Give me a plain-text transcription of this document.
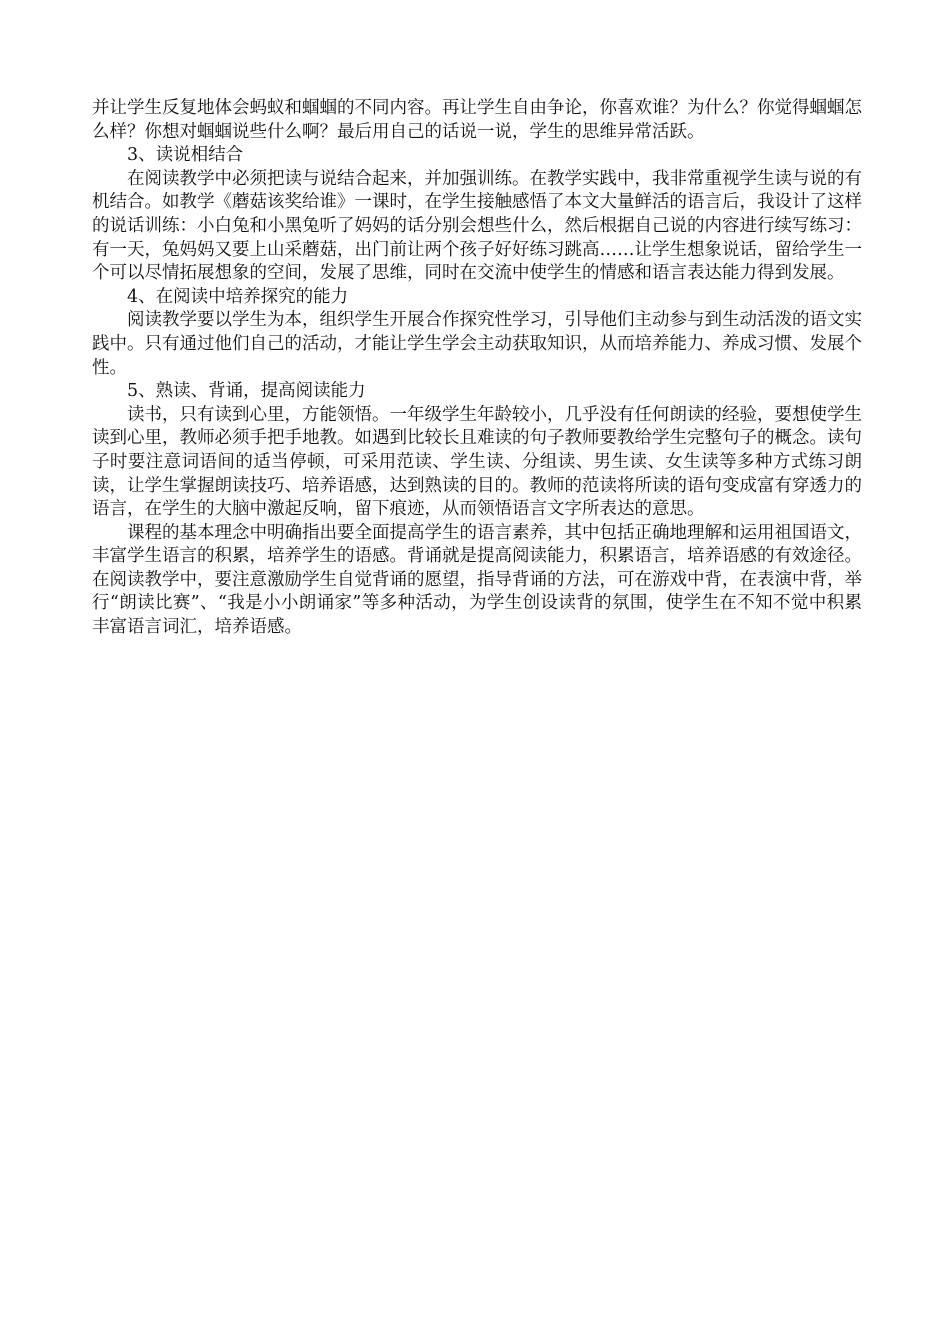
并让学生反复地体会蚂蚁和蝈蝈的不同内容。再让学生自由争论，你喜欢谁？为什么？你觉得蝈蝈怎么样？你想对蝈蝈说些什么啊？最后用自己的话说一说，学生的思维异常活跃。

3、读说相结合

在阅读教学中必须把读与说结合起来，并加强训练。在教学实践中，我非常重视学生读与说的有机结合。如教学《蘑菇该奖给谁》一课时，在学生接触感悟了本文大量鲜活的语言后，我设计了这样的说话训练：小白兔和小黑兔听了妈妈的话分别会想些什么，然后根据自己说的内容进行续写练习：有一天，兔妈妈又要上山采蘑菇，出门前让两个孩子好好练习跳高……让学生想象说话，留给学生一个可以尽情拓展想象的空间，发展了思维，同时在交流中使学生的情感和语言表达能力得到发展。

4、在阅读中培养探究的能力

阅读教学要以学生为本，组织学生开展合作探究性学习，引导他们主动参与到生动活泼的语文实践中。只有通过他们自己的活动，才能让学生学会主动获取知识，从而培养能力、养成习惯、发展个性。

5、熟读、背诵，提高阅读能力

读书，只有读到心里，方能领悟。一年级学生年龄较小，几乎没有任何朗读的经验，要想使学生读到心里，教师必须手把手地教。如遇到比较长且难读的句子教师要教给学生完整句子的概念。读句子时要注意词语间的适当停顿，可采用范读、学生读、分组读、男生读、女生读等多种方式练习朗读，让学生掌握朗读技巧、培养语感，达到熟读的目的。教师的范读将所读的语句变成富有穿透力的语言，在学生的大脑中激起反响，留下痕迹，从而领悟语言文字所表达的意思。

课程的基本理念中明确指出要全面提高学生的语言素养，其中包括正确地理解和运用祖国语文，丰富学生语言的积累，培养学生的语感。背诵就是提高阅读能力，积累语言，培养语感的有效途径。在阅读教学中，要注意激励学生自觉背诵的愿望，指导背诵的方法，可在游戏中背，在表演中背，举行“朗读比赛”、“我是小小朗诵家”等多种活动，为学生创设读背的氛围，使学生在不知不觉中积累丰富语言词汇，培养语感。
